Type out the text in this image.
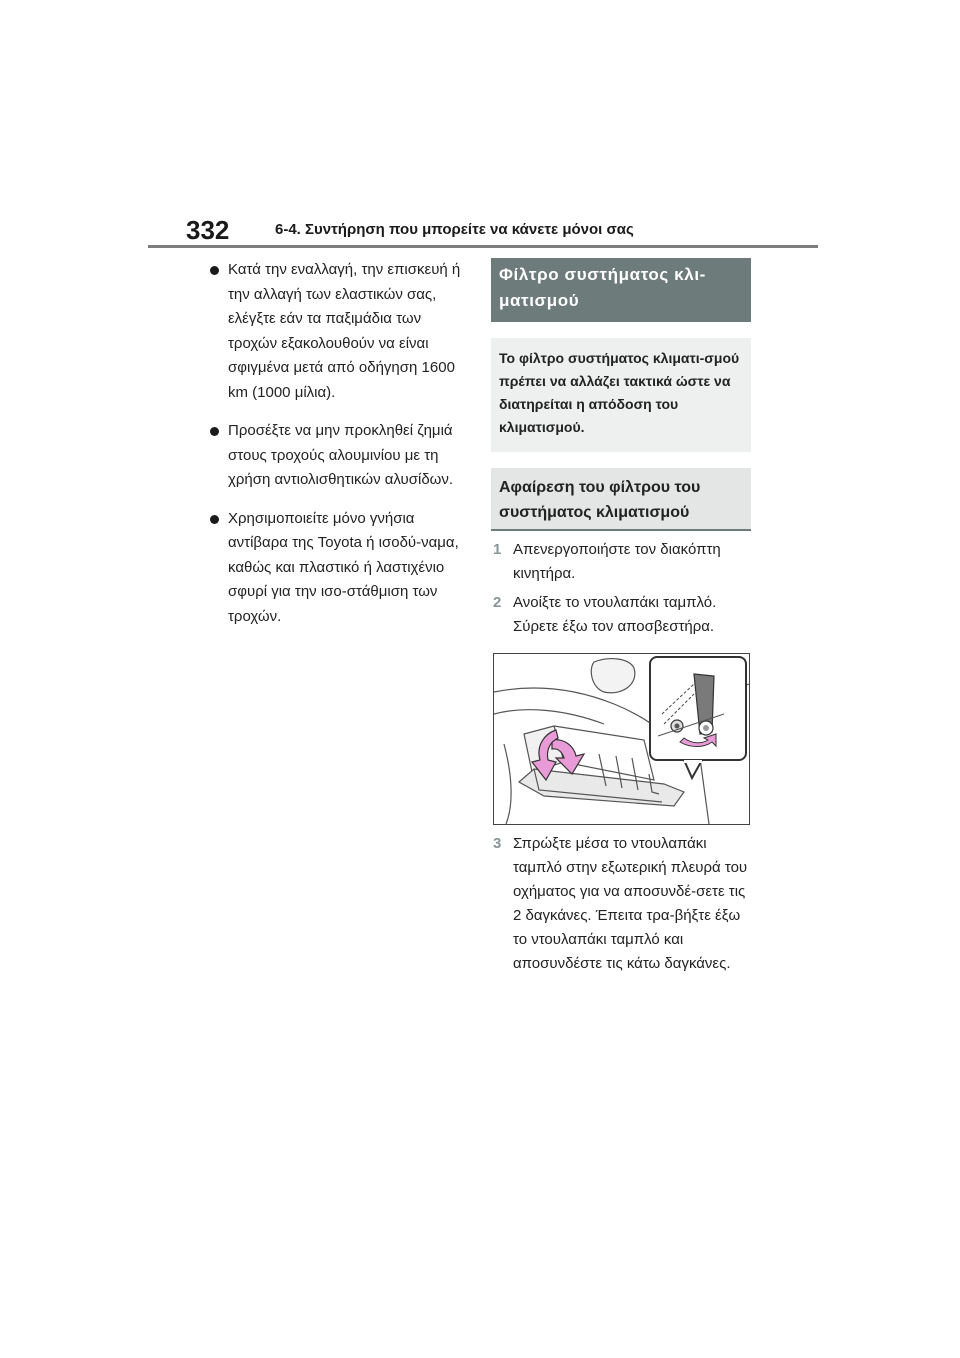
332	6-4. Συντήρηση που μπορείτε να κάνετε μόνοι σας
Κατά την εναλλαγή, την επισκευή ή την αλλαγή των ελαστικών σας, ελέγξτε εάν τα παξιμάδια των τροχών εξακολουθούν να είναι σφιγμένα μετά από οδήγηση 1600 km (1000 μίλια).
Προσέξτε να μην προκληθεί ζημιά στους τροχούς αλουμινίου με τη χρήση αντιολισθητικών αλυσίδων.
Χρησιμοποιείτε μόνο γνήσια αντίβαρα της Toyota ή ισοδύ-ναμα, καθώς και πλαστικό ή λαστιχένιο σφυρί για την ισο-στάθμιση των τροχών.
Φίλτρο συστήματος κλι-ματισμού
Το φίλτρο συστήματος κλιματι-σμού πρέπει να αλλάζει τακτικά ώστε να διατηρείται η απόδοση του κλιματισμού.
Αφαίρεση του φίλτρου του συστήματος κλιματισμού
1 Απενεργοποιήστε τον διακόπτη κινητήρα.
2 Ανοίξτε το ντουλαπάκι ταμπλό. Σύρετε έξω τον αποσβεστήρα.
3 Σπρώξτε μέσα το ντουλαπάκι ταμπλό στην εξωτερική πλευρά του οχήματος για να αποσυνδέ-σετε τις 2 δαγκάνες. Έπειτα τρα-βήξτε έξω το ντουλαπάκι ταμπλό και αποσυνδέστε τις κάτω δαγκάνες.
